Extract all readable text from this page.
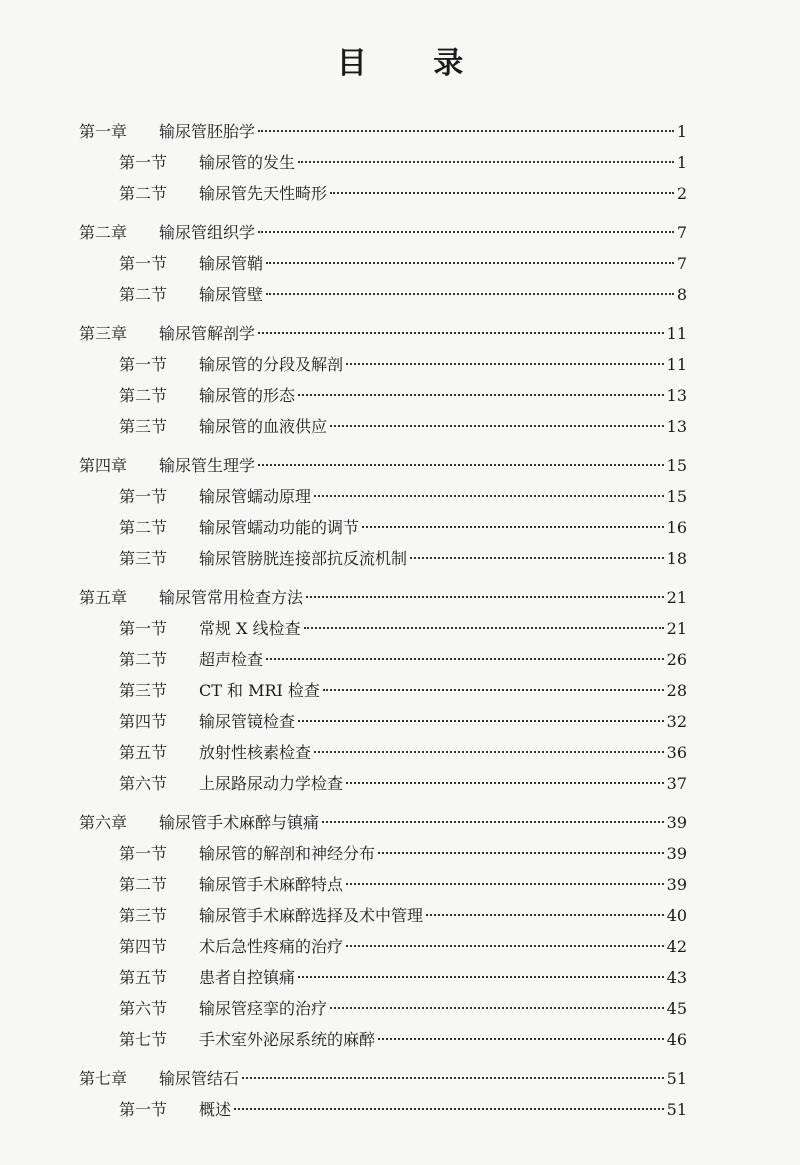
目 录
第一章	输尿管胚胎学	1
第一节	输尿管的发生	1
第二节	输尿管先天性畸形	2
第二章	输尿管组织学	7
第一节	输尿管鞘	7
第二节	输尿管壁	8
第三章	输尿管解剖学	11
第一节	输尿管的分段及解剖	11
第二节	输尿管的形态	13
第三节	输尿管的血液供应	13
第四章	输尿管生理学	15
第一节	输尿管蠕动原理	15
第二节	输尿管蠕动功能的调节	16
第三节	输尿管膀胱连接部抗反流机制	18
第五章	输尿管常用检查方法	21
第一节	常规 X 线检查	21
第二节	超声检查	26
第三节	CT 和 MRI 检查	28
第四节	输尿管镜检查	32
第五节	放射性核素检查	36
第六节	上尿路尿动力学检查	37
第六章	输尿管手术麻醉与镇痛	39
第一节	输尿管的解剖和神经分布	39
第二节	输尿管手术麻醉特点	39
第三节	输尿管手术麻醉选择及术中管理	40
第四节	术后急性疼痛的治疗	42
第五节	患者自控镇痛	43
第六节	输尿管痉挛的治疗	45
第七节	手术室外泌尿系统的麻醉	46
第七章	输尿管结石	51
第一节	概述	51
